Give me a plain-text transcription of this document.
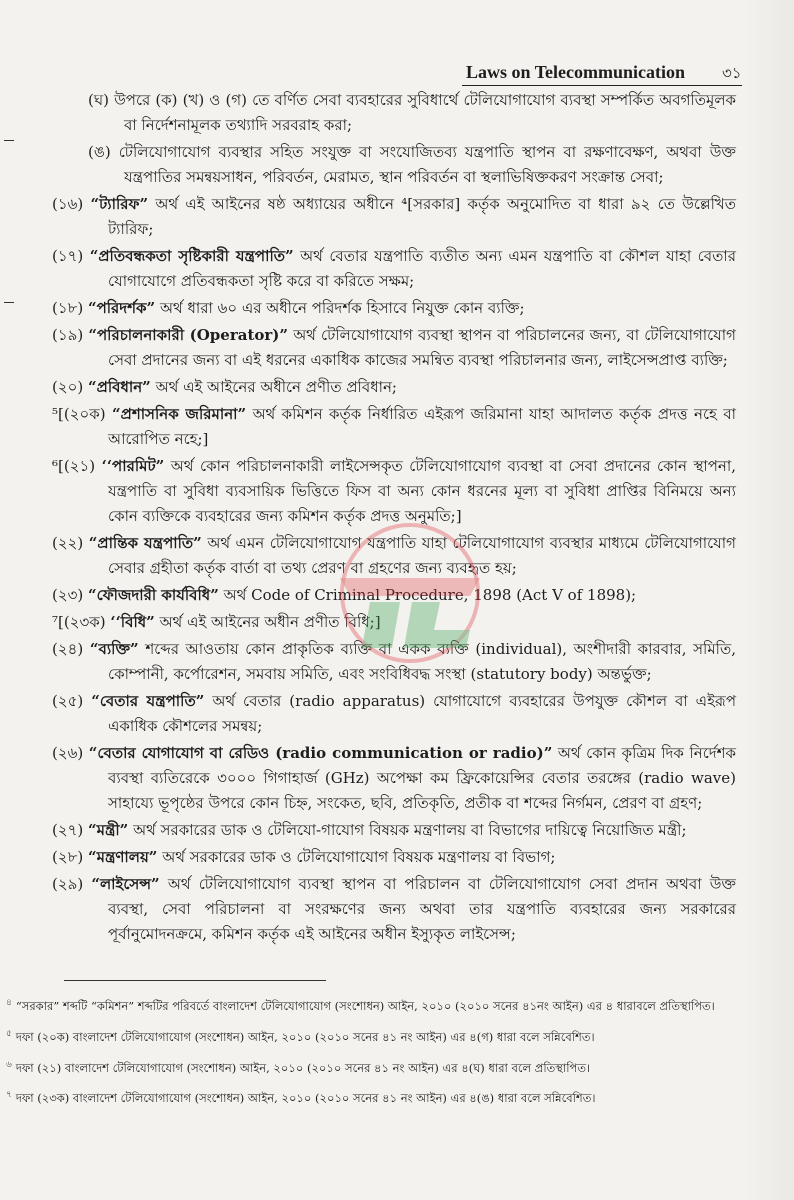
Laws on Telecommunication ৩১

(ঘ) উপরে (ক) (খ) ও (গ) তে বর্ণিত সেবা ব্যবহারের সুবিধার্থে টেলিযোগাযোগ ব্যবস্থা সম্পর্কিত অবগতিমূলক বা নির্দেশনামূলক তথ্যাদি সরবরাহ করা;

(ঙ) টেলিযোগাযোগ ব্যবস্থার সহিত সংযুক্ত বা সংযোজিতব্য যন্ত্রপাতি স্থাপন বা রক্ষণাবেক্ষণ, অথবা উক্ত যন্ত্রপাতির সমন্বয়সাধন, পরিবর্তন, মেরামত, স্থান পরিবর্তন বা স্থলাভিষিক্তকরণ সংক্রান্ত সেবা;

(১৬) “ট্যারিফ” অর্থ এই আইনের ষষ্ঠ অধ্যায়ের অধীনে ⁴[সরকার] কর্তৃক অনুমোদিত বা ধারা ৯২ তে উল্লেখিত ট্যারিফ;

(১৭) “প্রতিবন্ধকতা সৃষ্টিকারী যন্ত্রপাতি” অর্থ বেতার যন্ত্রপাতি ব্যতীত অন্য এমন যন্ত্রপাতি বা কৌশল যাহা বেতার যোগাযোগে প্রতিবন্ধকতা সৃষ্টি করে বা করিতে সক্ষম;

(১৮) “পরিদর্শক” অর্থ ধারা ৬০ এর অধীনে পরিদর্শক হিসাবে নিযুক্ত কোন ব্যক্তি;

(১৯) “পরিচালনাকারী (Operator)” অর্থ টেলিযোগাযোগ ব্যবস্থা স্থাপন বা পরিচালনের জন্য, বা টেলিযোগাযোগ সেবা প্রদানের জন্য বা এই ধরনের একাধিক কাজের সমন্বিত ব্যবস্থা পরিচালনার জন্য, লাইসেন্সপ্রাপ্ত ব্যক্তি;

(২০) “প্রবিধান” অর্থ এই আইনের অধীনে প্রণীত প্রবিধান;

⁵[(২০ক) “প্রশাসনিক জরিমানা” অর্থ কমিশন কর্তৃক নির্ধারিত এইরূপ জরিমানা যাহা আদালত কর্তৃক প্রদত্ত নহে বা আরোপিত নহে;]

⁶[(২১) ‘‘পারমিট” অর্থ কোন পরিচালনাকারী লাইসেন্সকৃত টেলিযোগাযোগ ব্যবস্থা বা সেবা প্রদানের কোন স্থাপনা, যন্ত্রপাতি বা সুবিধা ব্যবসায়িক ভিত্তিতে ফিস বা অন্য কোন ধরনের মূল্য বা সুবিধা প্রাপ্তির বিনিময়ে অন্য কোন ব্যক্তিকে ব্যবহারের জন্য কমিশন কর্তৃক প্রদত্ত অনুমতি;]

(২২) “প্রান্তিক যন্ত্রপাতি” অর্থ এমন টেলিযোগাযোগ যন্ত্রপাতি যাহা টেলিযোগাযোগ ব্যবস্থার মাধ্যমে টেলিযোগাযোগ সেবার গ্রহীতা কর্তৃক বার্তা বা তথ্য প্রেরণ বা গ্রহণের জন্য ব্যবহৃত হয়;

(২৩) “ফৌজদারী কার্যবিধি” অর্থ Code of Criminal Procedure, 1898 (Act V of 1898);

⁷[(২৩ক) ‘‘বিধি” অর্থ এই আইনের অধীন প্রণীত বিধি;]

(২৪) “ব্যক্তি” শব্দের আওতায় কোন প্রাকৃতিক ব্যক্তি বা একক ব্যক্তি (individual), অংশীদারী কারবার, সমিতি, কোম্পানী, কর্পোরেশন, সমবায় সমিতি, এবং সংবিধিবদ্ধ সংস্থা (statutory body) অন্তর্ভুক্ত;

(২৫) “বেতার যন্ত্রপাতি” অর্থ বেতার (radio apparatus) যোগাযোগে ব্যবহারের উপযুক্ত কৌশল বা এইরূপ একাধিক কৌশলের সমন্বয়;

(২৬) “বেতার যোগাযোগ বা রেডিও (radio communication or radio)” অর্থ কোন কৃত্রিম দিক নির্দেশক ব্যবস্থা ব্যতিরেকে ৩০০০ গিগাহার্জ (GHz) অপেক্ষা কম ফ্রিকোয়েন্সির বেতার তরঙ্গের (radio wave) সাহায্যে ভূপৃষ্ঠের উপরে কোন চিহ্ন, সংকেত, ছবি, প্রতিকৃতি, প্রতীক বা শব্দের নির্গমন, প্রেরণ বা গ্রহণ;

(২৭) “মন্ত্রী” অর্থ সরকারের ডাক ও টেলিযো-গাযোগ বিষয়ক মন্ত্রণালয় বা বিভাগের দায়িত্বে নিয়োজিত মন্ত্রী;

(২৮) “মন্ত্রণালয়” অর্থ সরকারের ডাক ও টেলিযোগাযোগ বিষয়ক মন্ত্রণালয় বা বিভাগ;

(২৯) “লাইসেন্স” অর্থ টেলিযোগাযোগ ব্যবস্থা স্থাপন বা পরিচালন বা টেলিযোগাযোগ সেবা প্রদান অথবা উক্ত ব্যবস্থা, সেবা পরিচালনা বা সংরক্ষণের জন্য অথবা তার যন্ত্রপাতি ব্যবহারের জন্য সরকারের পূর্বানুমোদনক্রমে, কমিশন কর্তৃক এই আইনের অধীন ইস্যুকৃত লাইসেন্স;

$^৪$ “সরকার” শব্দটি “কমিশন” শব্দটির পরিবর্তে বাংলাদেশ টেলিযোগাযোগ (সংশোধন) আইন, ২০১০ (২০১০ সনের ৪১নং আইন) এর ৪ ধারাবলে প্রতিস্থাপিত।

$^৫$ দফা (২০ক) বাংলাদেশ টেলিযোগাযোগ (সংশোধন) আইন, ২০১০ (২০১০ সনের ৪১ নং আইন) এর ৪(গ) ধারা বলে সন্নিবেশিত।

$^৬$ দফা (২১) বাংলাদেশ টেলিযোগাযোগ (সংশোধন) আইন, ২০১০ (২০১০ সনের ৪১ নং আইন) এর ৪(ঘ) ধারা বলে প্রতিস্থাপিত।

$^৭$ দফা (২৩ক) বাংলাদেশ টেলিযোগাযোগ (সংশোধন) আইন, ২০১০ (২০১০ সনের ৪১ নং আইন) এর ৪(ঙ) ধারা বলে সন্নিবেশিত।
